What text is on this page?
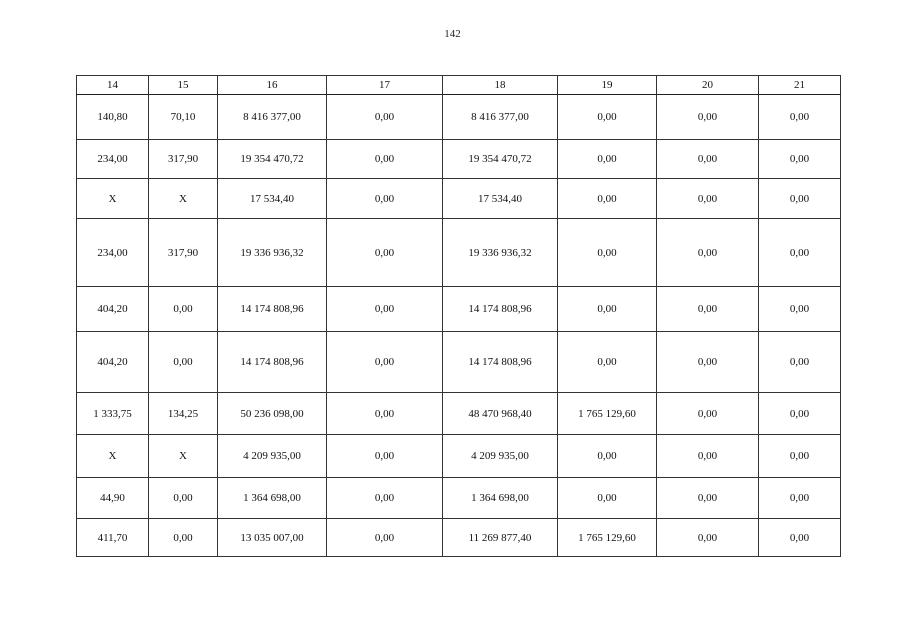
142
14	15	16	17	18	19	20	21
140,80	70,10	8 416 377,00	0,00	8 416 377,00	0,00	0,00	0,00
234,00	317,90	19 354 470,72	0,00	19 354 470,72	0,00	0,00	0,00
X	X	17 534,40	0,00	17 534,40	0,00	0,00	0,00
234,00	317,90	19 336 936,32	0,00	19 336 936,32	0,00	0,00	0,00
404,20	0,00	14 174 808,96	0,00	14 174 808,96	0,00	0,00	0,00
404,20	0,00	14 174 808,96	0,00	14 174 808,96	0,00	0,00	0,00
1 333,75	134,25	50 236 098,00	0,00	48 470 968,40	1 765 129,60	0,00	0,00
X	X	4 209 935,00	0,00	4 209 935,00	0,00	0,00	0,00
44,90	0,00	1 364 698,00	0,00	1 364 698,00	0,00	0,00	0,00
411,70	0,00	13 035 007,00	0,00	11 269 877,40	1 765 129,60	0,00	0,00
